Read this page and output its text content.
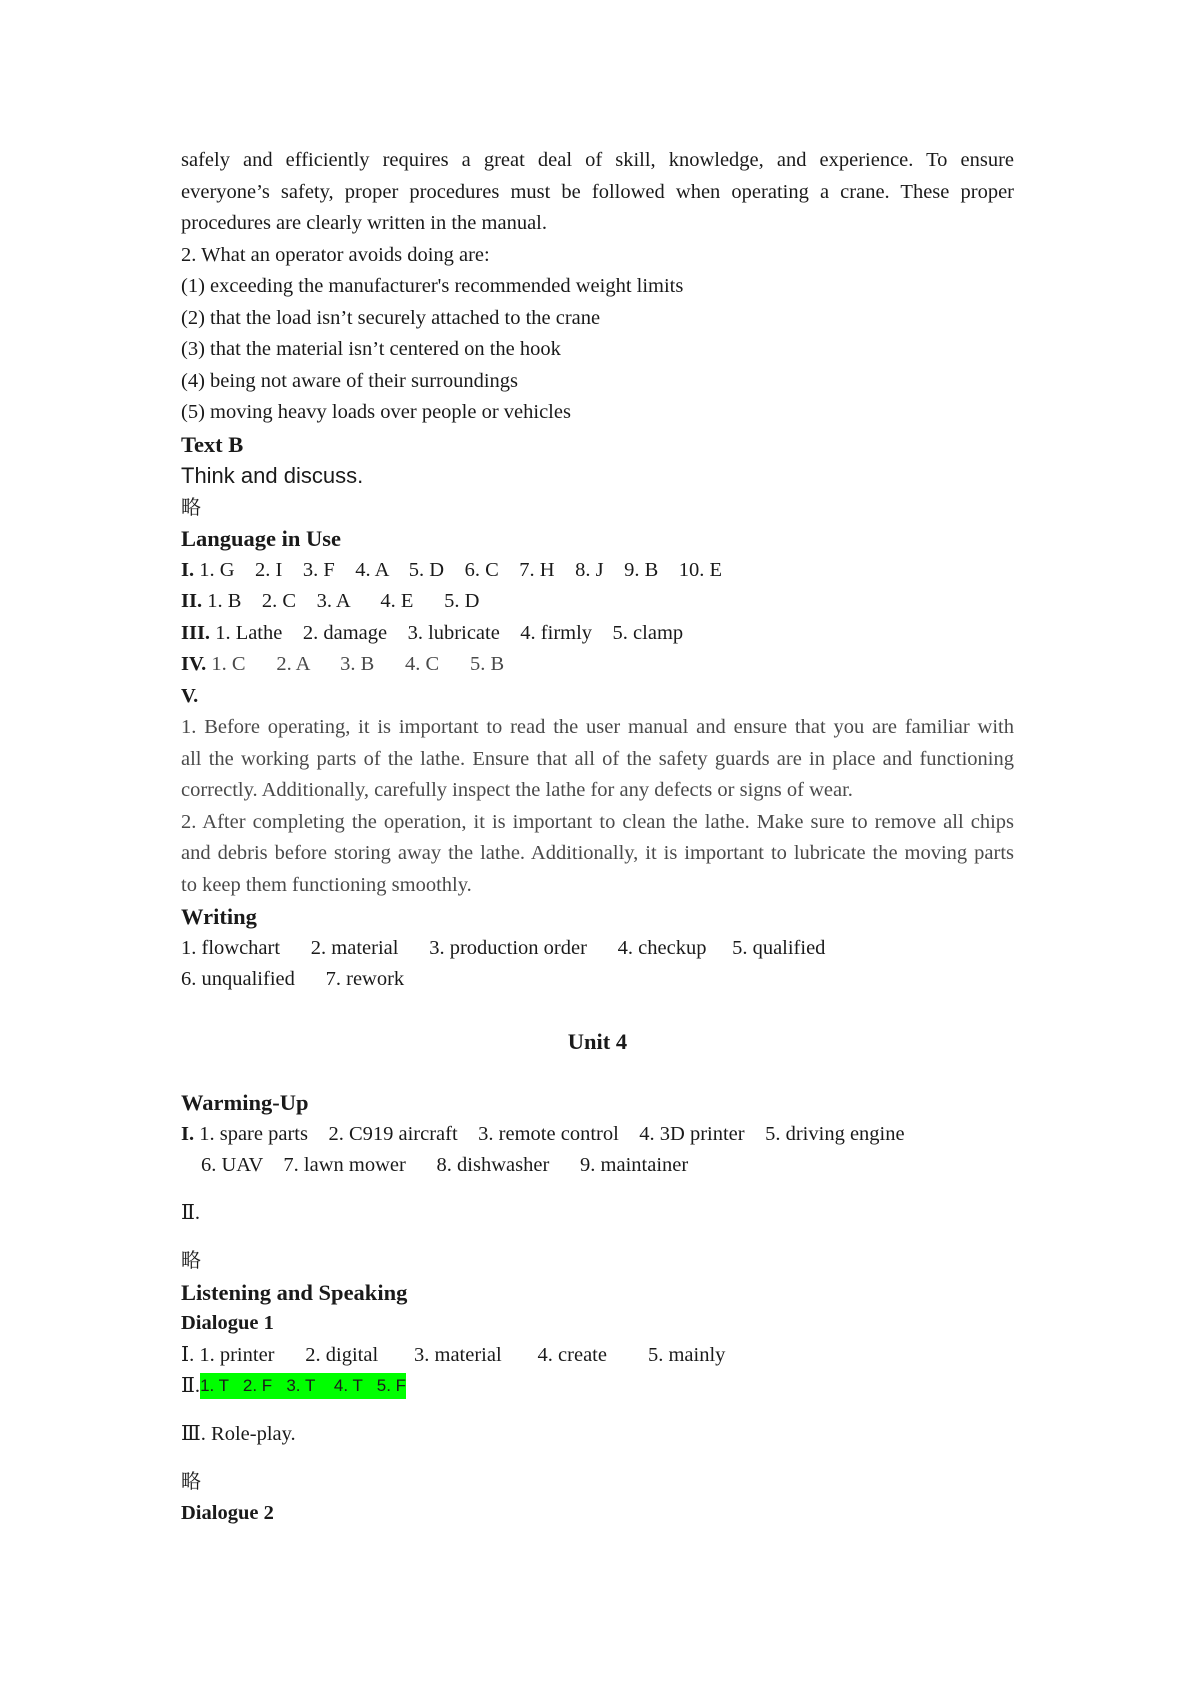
safely and efficiently requires a great deal of skill, knowledge, and experience. To ensure
everyone’s safety, proper procedures must be followed when operating a crane. These proper
procedures are clearly written in the manual.
2. What an operator avoids doing are:
(1) exceeding the manufacturer's recommended weight limits
(2) that the load isn’t securely attached to the crane
(3) that the material isn’t centered on the hook
(4) being not aware of their surroundings
(5) moving heavy loads over people or vehicles
Text B
Think and discuss.
略
Language in Use
I. 1. G    2. I    3. F    4. A    5. D    6. C    7. H    8. J    9. B    10. E
II. 1. B    2. C    3. A      4. E      5. D
III. 1. Lathe    2. damage    3. lubricate    4. firmly    5. clamp
IV. 1. C      2. A      3. B      4. C      5. B
V.
1. Before operating, it is important to read the user manual and ensure that you are familiar with
all the working parts of the lathe. Ensure that all of the safety guards are in place and functioning
correctly. Additionally, carefully inspect the lathe for any defects or signs of wear.
2. After completing the operation, it is important to clean the lathe. Make sure to remove all chips
and debris before storing away the lathe. Additionally, it is important to lubricate the moving parts
to keep them functioning smoothly.
Writing
1. flowchart      2. material      3. production order      4. checkup     5. qualified
6. unqualified      7. rework
Unit 4
Warming-Up
I. 1. spare parts    2. C919 aircraft    3. remote control    4. 3D printer    5. driving engine
6. UAV    7. lawn mower      8. dishwasher      9. maintainer
Ⅱ.
略
Listening and Speaking
Dialogue 1
Ⅰ. 1. printer      2. digital       3. material       4. create        5. mainly
Ⅱ.1. T   2. F   3. T    4. T   5. F
Ⅲ. Role-play.
略
Dialogue 2
